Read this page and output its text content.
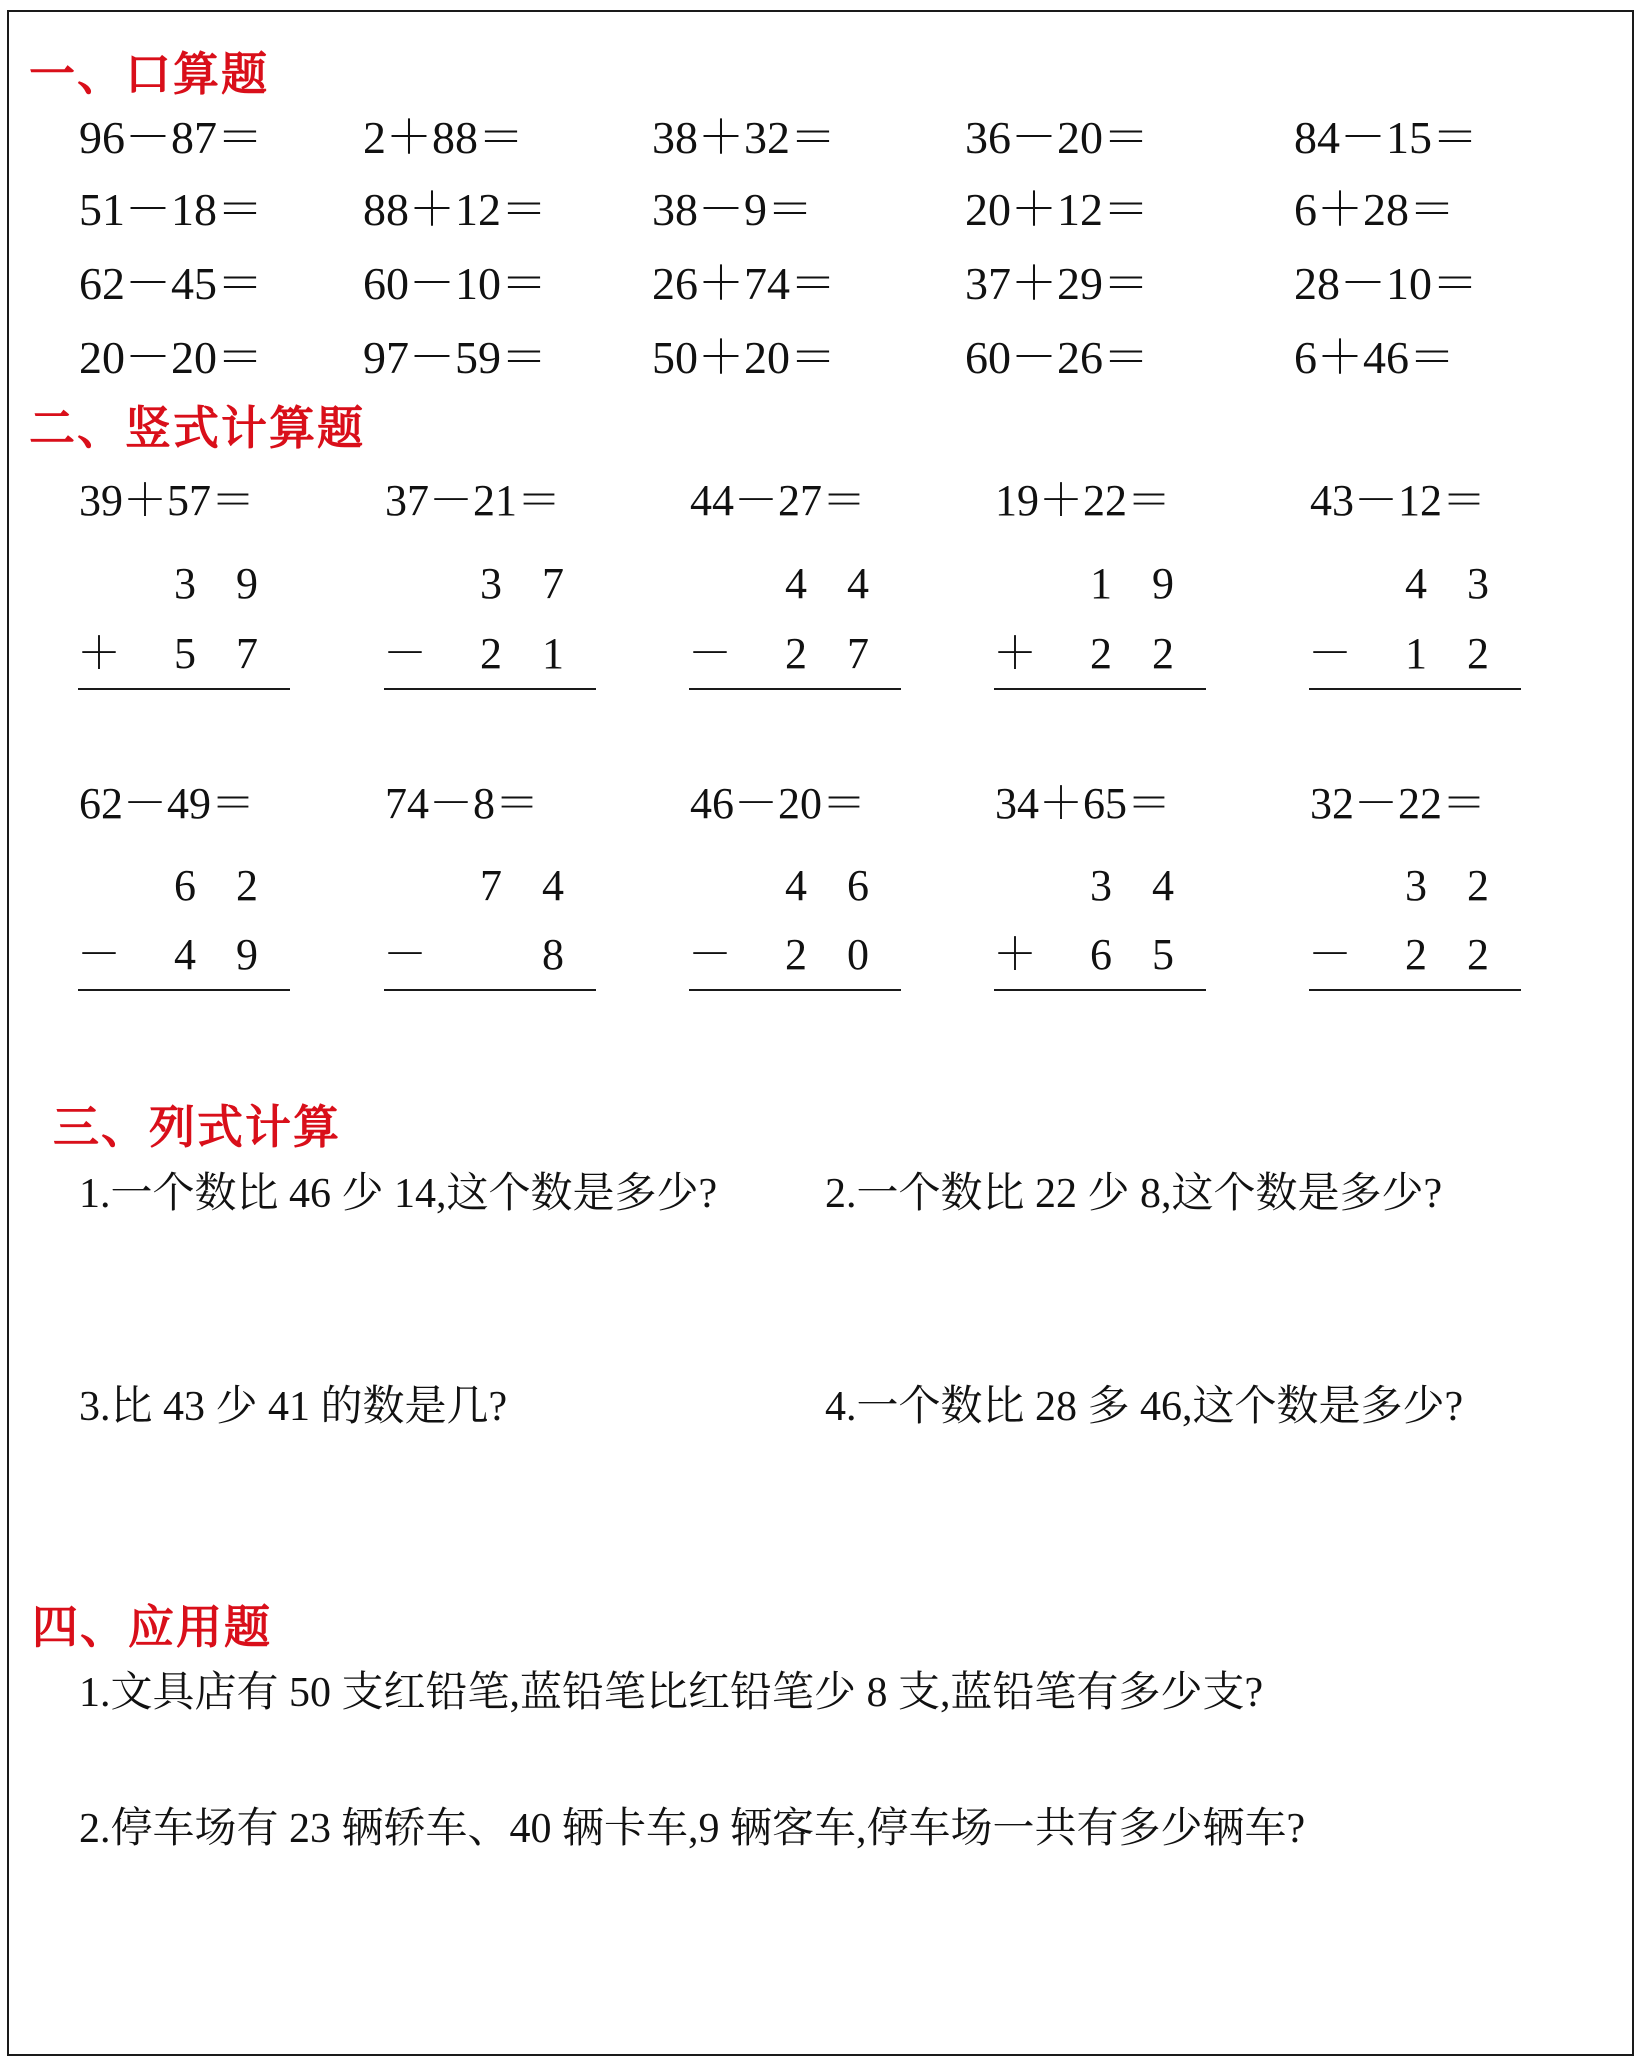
一、口算题
96－87＝ 2＋88＝	38＋32＝	36－20＝	84－15＝
51－18＝ 88＋12＝ 38－9＝	20＋12＝	6＋28＝
62－45＝ 60－10＝ 26＋74＝	37＋29＝	28－10＝
20－20＝ 97－59＝ 50＋20＝	60－26＝	6＋46＝
二、竖式计算题
39＋57＝
3 9
＋ 5 7
37－21＝
3 7
－ 2 1
44－27＝
4 4
－ 2 7
19＋22＝
1 9
＋ 2 2
43－12＝
4 3
－ 1 2
62－49＝
6 2
－ 4 9
74－8＝
7 4
－	8
46－20＝
4 6
－ 2 0
34＋65＝
3 4
＋ 6 5
32－22＝
3 2
－ 2 2
三、列式计算
1.一个数比 46 少 14,这个数是多少?	2.一个数比 22 少 8,这个数是多少?
3.比 43 少 41 的数是几?	4.一个数比 28 多 46,这个数是多少?
四、应用题
1.文具店有 50 支红铅笔,蓝铅笔比红铅笔少 8 支,蓝铅笔有多少支?
2.停车场有 23 辆轿车、40 辆卡车,9 辆客车,停车场一共有多少辆车?
